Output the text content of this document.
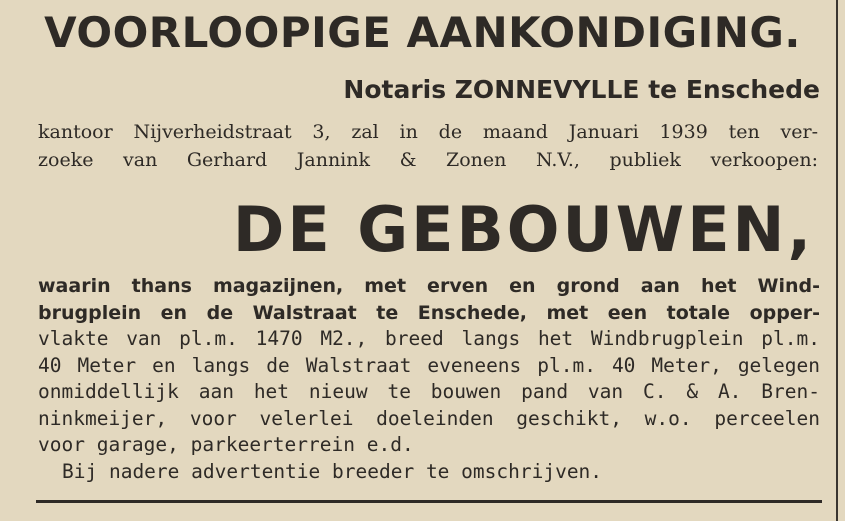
VOORLOOPIGE AANKONDIGING.
Notaris ZONNEVYLLE te Enschede
kantoor Nijverheidstraat 3, zal in de maand Januari 1939 ten ver-
zoeke van Gerhard Jannink & Zonen N.V., publiek verkoopen:
DE GEBOUWEN,
waarin thans magazijnen, met erven en grond aan het Wind-
brugplein en de Walstraat te Enschede, met een totale opper-
vlakte van pl.m. 1470 M2., breed langs het Windbrugplein pl.m.
40 Meter en langs de Walstraat eveneens pl.m. 40 Meter, gelegen
onmiddellijk aan het nieuw te bouwen pand van C. & A. Bren-
ninkmeijer, voor velerlei doeleinden geschikt, w.o. perceelen
voor garage, parkeerterrein e.d.
Bij nadere advertentie breeder te omschrijven.
